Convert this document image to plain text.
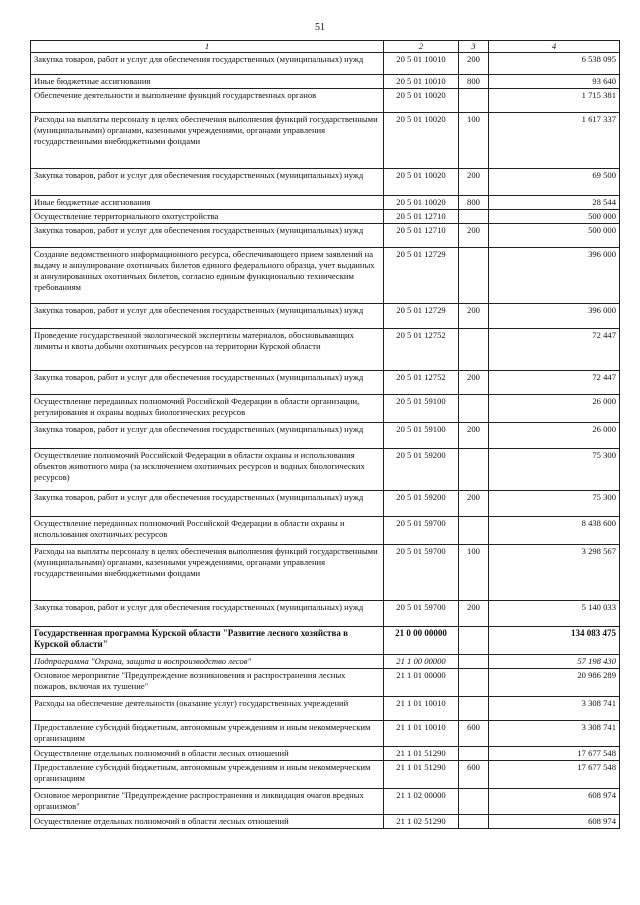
51
1	2	3	4
Закупка товаров, работ и услуг для обеспечения государственных (муниципальных) нужд	20 5 01 10010	200	6 538 095
Иные бюджетные ассигнования	20 5 01 10010	800	93 640
Обеспечение деятельности и выполнение функций государственных органов	20 5 01 10020		1 715 381
Расходы на выплаты персоналу в целях обеспечения выполнения функций государственными (муниципальными) органами, казенными учреждениями, органами управления государственными внебюджетными фондами	20 5 01 10020	100	1 617 337
Закупка товаров, работ и услуг для обеспечения государственных (муниципальных) нужд	20 5 01 10020	200	69 500
Иные бюджетные ассигнования	20 5 01 10020	800	28 544
Осуществление территориального охотустройства	20 5 01 12710		500 000
Закупка товаров, работ и услуг для обеспечения государственных (муниципальных) нужд	20 5 01 12710	200	500 000
Создание ведомственного информационного ресурса, обеспечивающего прием заявлений на выдачу и аннулирование охотничьих билетов единого федерального образца, учет выданных и аннулированных охотничьих билетов, согласно единым функционально техническим требованиям	20 5 01 12729		396 000
Закупка товаров, работ и услуг для обеспечения государственных (муниципальных) нужд	20 5 01 12729	200	396 000
Проведение государственной экологической экспертизы материалов, обосновывающих лимиты и квоты добычи охотничьих ресурсов на территории Курской области	20 5 01 12752		72 447
Закупка товаров, работ и услуг для обеспечения государственных (муниципальных) нужд	20 5 01 12752	200	72 447
Осуществление переданных полномочий Российской Федерации в области организации, регулирования и охраны водных биологических ресурсов	20 5 01 59100		26 000
Закупка товаров, работ и услуг для обеспечения государственных (муниципальных) нужд	20 5 01 59100	200	26 000
Осуществление полномочий Российской Федерации в области охраны и использования объектов животного мира (за исключением охотничьих ресурсов и водных биологических ресурсов)	20 5 01 59200		75 300
Закупка товаров, работ и услуг для обеспечения государственных (муниципальных) нужд	20 5 01 59200	200	75 300
Осуществление переданных полномочий Российской Федерации в области охраны и использования охотничьих ресурсов	20 5 01 59700		8 438 600
Расходы на выплаты персоналу в целях обеспечения выполнения функций государственными (муниципальными) органами, казенными учреждениями, органами управления государственными внебюджетными фондами	20 5 01 59700	100	3 298 567
Закупка товаров, работ и услуг для обеспечения государственных (муниципальных) нужд	20 5 01 59700	200	5 140 033
Государственная программа Курской области "Развитие лесного хозяйства в Курской области"	21 0 00 00000		134 083 475
Подпрограмма "Охрана, защита и воспроизводство лесов"	21 1 00 00000		57 198 430
Основное мероприятие "Предупреждение возникновения и распространения лесных пожаров, включая их тушение"	21 1 01 00000		20 986 289
Расходы на обеспечение деятельности (оказание услуг) государственных учреждений	21 1 01 10010		3 308 741
Предоставление субсидий бюджетным, автономным учреждениям и иным некоммерческим организациям	21 1 01 10010	600	3 308 741
Осуществление отдельных полномочий в области лесных отношений	21 1 01 51290		17 677 548
Предоставление субсидий бюджетным, автономным учреждениям и иным некоммерческим организациям	21 1 01 51290	600	17 677 548
Основное мероприятие "Предупреждение распространения и ликвидация очагов вредных организмов"	21 1 02 00000		608 974
Осуществление отдельных полномочий в области лесных отношений	21 1 02 51290		608 974
